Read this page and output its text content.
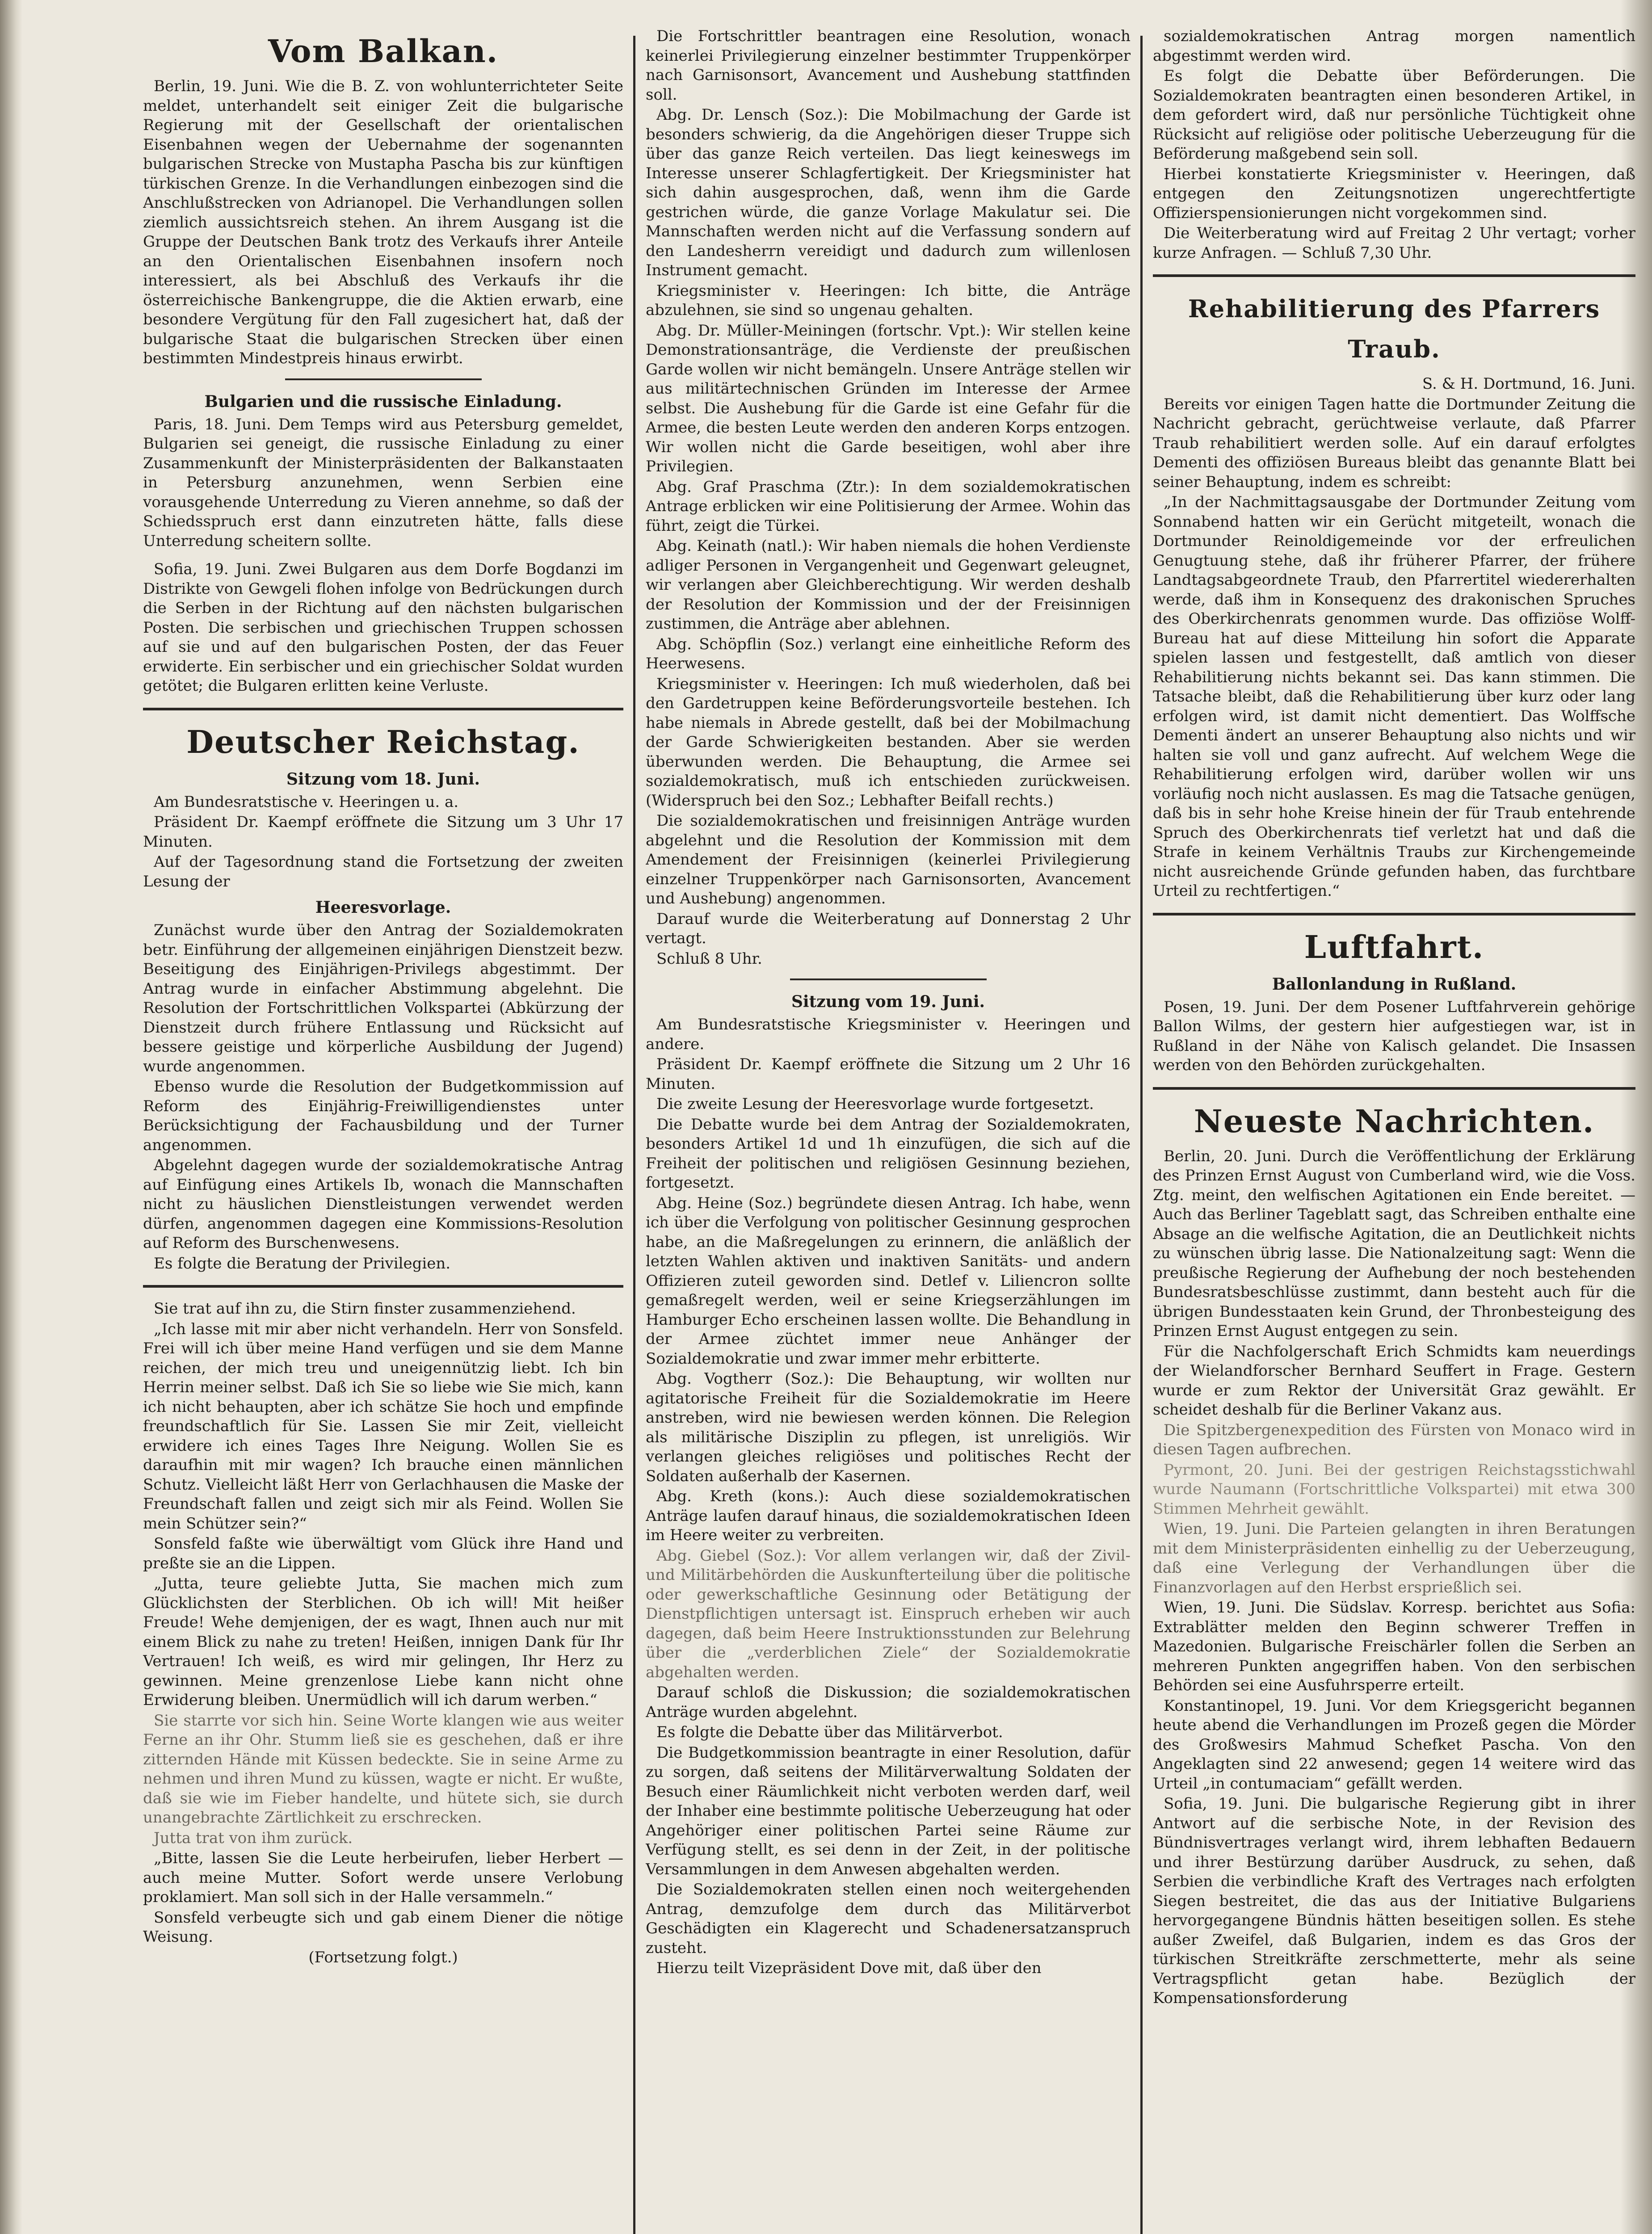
Vom Balkan.

Berlin, 19. Juni. Wie die B. Z. von wohlunterrichteter Seite meldet, unterhandelt seit einiger Zeit die bulgarische Regierung mit der Gesellschaft der orientalischen Eisenbahnen wegen der Uebernahme der sogenannten bulgarischen Strecke von Mustapha Pascha bis zur künftigen türkischen Grenze. In die Verhandlungen einbezogen sind die Anschlußstrecken von Adrianopel. Die Verhandlungen sollen ziemlich aussichtsreich stehen. An ihrem Ausgang ist die Gruppe der Deutschen Bank trotz des Verkaufs ihrer Anteile an den Orientalischen Eisenbahnen insofern noch interessiert, als bei Abschluß des Verkaufs ihr die österreichische Bankengruppe, die die Aktien erwarb, eine besondere Vergütung für den Fall zugesichert hat, daß der bulgarische Staat die bulgarischen Strecken über einen bestimmten Mindestpreis hinaus erwirbt.

Bulgarien und die russische Einladung.

Paris, 18. Juni. Dem Temps wird aus Petersburg gemeldet, Bulgarien sei geneigt, die russische Einladung zu einer Zusammenkunft der Ministerpräsidenten der Balkanstaaten in Petersburg anzunehmen, wenn Serbien eine vorausgehende Unterredung zu Vieren annehme, so daß der Schiedsspruch erst dann einzutreten hätte, falls diese Unterredung scheitern sollte.

Sofia, 19. Juni. Zwei Bulgaren aus dem Dorfe Bogdanzi im Distrikte von Gewgeli flohen infolge von Bedrückungen durch die Serben in der Richtung auf den nächsten bulgarischen Posten. Die serbischen und griechischen Truppen schossen auf sie und auf den bulgarischen Posten, der das Feuer erwiderte. Ein serbischer und ein griechischer Soldat wurden getötet; die Bulgaren erlitten keine Verluste.

Deutscher Reichstag.
Sitzung vom 18. Juni.

Am Bundesratstische v. Heeringen u. a.

Präsident Dr. Kaempf eröffnete die Sitzung um 3 Uhr 17 Minuten.

Auf der Tagesordnung stand die Fortsetzung der zweiten Lesung der

Heeresvorlage.

Zunächst wurde über den Antrag der Sozialdemokraten betr. Einführung der allgemeinen einjährigen Dienstzeit bezw. Beseitigung des Einjährigen-Privilegs abgestimmt. Der Antrag wurde in einfacher Abstimmung abgelehnt. Die Resolution der Fortschrittlichen Volkspartei (Abkürzung der Dienstzeit durch frühere Entlassung und Rücksicht auf bessere geistige und körperliche Ausbildung der Jugend) wurde angenommen.

Ebenso wurde die Resolution der Budgetkommission auf Reform des Einjährig-Freiwilligendienstes unter Berücksichtigung der Fachausbildung und der Turner angenommen.

Abgelehnt dagegen wurde der sozialdemokratische Antrag auf Einfügung eines Artikels Ib, wonach die Mannschaften nicht zu häuslichen Dienstleistungen verwendet werden dürfen, angenommen dagegen eine Kommissions-Resolution auf Reform des Burschenwesens.

Es folgte die Beratung der Privilegien.

Sie trat auf ihn zu, die Stirn finster zusammenziehend.

„Ich lasse mit mir aber nicht verhandeln. Herr von Sonsfeld. Frei will ich über meine Hand verfügen und sie dem Manne reichen, der mich treu und uneigennützig liebt. Ich bin Herrin meiner selbst. Daß ich Sie so liebe wie Sie mich, kann ich nicht behaupten, aber ich schätze Sie hoch und empfinde freundschaftlich für Sie. Lassen Sie mir Zeit, vielleicht erwidere ich eines Tages Ihre Neigung. Wollen Sie es daraufhin mit mir wagen? Ich brauche einen männlichen Schutz. Vielleicht läßt Herr von Gerlachhausen die Maske der Freundschaft fallen und zeigt sich mir als Feind. Wollen Sie mein Schützer sein?“

Sonsfeld faßte wie überwältigt vom Glück ihre Hand und preßte sie an die Lippen.

„Jutta, teure geliebte Jutta, Sie machen mich zum Glücklichsten der Sterblichen. Ob ich will! Mit heißer Freude! Wehe demjenigen, der es wagt, Ihnen auch nur mit einem Blick zu nahe zu treten! Heißen, innigen Dank für Ihr Vertrauen! Ich weiß, es wird mir gelingen, Ihr Herz zu gewinnen. Meine grenzenlose Liebe kann nicht ohne Erwiderung bleiben. Unermüdlich will ich darum werben.“

Sie starrte vor sich hin. Seine Worte klangen wie aus weiter Ferne an ihr Ohr. Stumm ließ sie es geschehen, daß er ihre zitternden Hände mit Küssen bedeckte. Sie in seine Arme zu nehmen und ihren Mund zu küssen, wagte er nicht. Er wußte, daß sie wie im Fieber handelte, und hütete sich, sie durch unangebrachte Zärtlichkeit zu erschrecken.

Jutta trat von ihm zurück.

„Bitte, lassen Sie die Leute herbeirufen, lieber Herbert — auch meine Mutter. Sofort werde unsere Verlobung proklamiert. Man soll sich in der Halle versammeln.“

Sonsfeld verbeugte sich und gab einem Diener die nötige Weisung.

(Fortsetzung folgt.)

Die Fortschrittler beantragen eine Resolution, wonach keinerlei Privilegierung einzelner bestimmter Truppenkörper nach Garnisonsort, Avancement und Aushebung stattfinden soll.

Abg. Dr. Lensch (Soz.): Die Mobilmachung der Garde ist besonders schwierig, da die Angehörigen dieser Truppe sich über das ganze Reich verteilen. Das liegt keineswegs im Interesse unserer Schlagfertigkeit. Der Kriegsminister hat sich dahin ausgesprochen, daß, wenn ihm die Garde gestrichen würde, die ganze Vorlage Makulatur sei. Die Mannschaften werden nicht auf die Verfassung sondern auf den Landesherrn vereidigt und dadurch zum willenlosen Instrument gemacht.

Kriegsminister v. Heeringen: Ich bitte, die Anträge abzulehnen, sie sind so ungenau gehalten.

Abg. Dr. Müller-Meiningen (fortschr. Vpt.): Wir stellen keine Demonstrationsanträge, die Verdienste der preußischen Garde wollen wir nicht bemängeln. Unsere Anträge stellen wir aus militärtechnischen Gründen im Interesse der Armee selbst. Die Aushebung für die Garde ist eine Gefahr für die Armee, die besten Leute werden den anderen Korps entzogen. Wir wollen nicht die Garde beseitigen, wohl aber ihre Privilegien.

Abg. Graf Praschma (Ztr.): In dem sozialdemokratischen Antrage erblicken wir eine Politisierung der Armee. Wohin das führt, zeigt die Türkei.

Abg. Keinath (natl.): Wir haben niemals die hohen Verdienste adliger Personen in Vergangenheit und Gegenwart geleugnet, wir verlangen aber Gleichberechtigung. Wir werden deshalb der Resolution der Kommission und der der Freisinnigen zustimmen, die Anträge aber ablehnen.

Abg. Schöpflin (Soz.) verlangt eine einheitliche Reform des Heerwesens.

Kriegsminister v. Heeringen: Ich muß wiederholen, daß bei den Gardetruppen keine Beförderungsvorteile bestehen. Ich habe niemals in Abrede gestellt, daß bei der Mobilmachung der Garde Schwierigkeiten bestanden. Aber sie werden überwunden werden. Die Behauptung, die Armee sei sozialdemokratisch, muß ich entschieden zurückweisen. (Widerspruch bei den Soz.; Lebhafter Beifall rechts.)

Die sozialdemokratischen und freisinnigen Anträge wurden abgelehnt und die Resolution der Kommission mit dem Amendement der Freisinnigen (keinerlei Privilegierung einzelner Truppenkörper nach Garnisonsorten, Avancement und Aushebung) angenommen.

Darauf wurde die Weiterberatung auf Donnerstag 2 Uhr vertagt.

Schluß 8 Uhr.

Sitzung vom 19. Juni.

Am Bundesratstische Kriegsminister v. Heeringen und andere.

Präsident Dr. Kaempf eröffnete die Sitzung um 2 Uhr 16 Minuten.

Die zweite Lesung der Heeresvorlage wurde fortgesetzt.

Die Debatte wurde bei dem Antrag der Sozialdemokraten, besonders Artikel 1d und 1h einzufügen, die sich auf die Freiheit der politischen und religiösen Gesinnung beziehen, fortgesetzt.

Abg. Heine (Soz.) begründete diesen Antrag. Ich habe, wenn ich über die Verfolgung von politischer Gesinnung gesprochen habe, an die Maßregelungen zu erinnern, die anläßlich der letzten Wahlen aktiven und inaktiven Sanitäts- und andern Offizieren zuteil geworden sind. Detlef v. Liliencron sollte gemaßregelt werden, weil er seine Kriegserzählungen im Hamburger Echo erscheinen lassen wollte. Die Behandlung in der Armee züchtet immer neue Anhänger der Sozialdemokratie und zwar immer mehr erbitterte.

Abg. Vogtherr (Soz.): Die Behauptung, wir wollten nur agitatorische Freiheit für die Sozialdemokratie im Heere anstreben, wird nie bewiesen werden können. Die Relegion als militärische Disziplin zu pflegen, ist unreligiös. Wir verlangen gleiches religiöses und politisches Recht der Soldaten außerhalb der Kasernen.

Abg. Kreth (kons.): Auch diese sozialdemokratischen Anträge laufen darauf hinaus, die sozialdemokratischen Ideen im Heere weiter zu verbreiten.

Abg. Giebel (Soz.): Vor allem verlangen wir, daß der Zivil- und Militärbehörden die Auskunfterteilung über die politische oder gewerkschaftliche Gesinnung oder Betätigung der Dienstpflichtigen untersagt ist. Einspruch erheben wir auch dagegen, daß beim Heere Instruktionsstunden zur Belehrung über die „verderblichen Ziele“ der Sozialdemokratie abgehalten werden.

Darauf schloß die Diskussion; die sozialdemokratischen Anträge wurden abgelehnt.

Es folgte die Debatte über das Militärverbot.

Die Budgetkommission beantragte in einer Resolution, dafür zu sorgen, daß seitens der Militärverwaltung Soldaten der Besuch einer Räumlichkeit nicht verboten werden darf, weil der Inhaber eine bestimmte politische Ueberzeugung hat oder Angehöriger einer politischen Partei seine Räume zur Verfügung stellt, es sei denn in der Zeit, in der politische Versammlungen in dem Anwesen abgehalten werden.

Die Sozialdemokraten stellen einen noch weitergehenden Antrag, demzufolge dem durch das Militärverbot Geschädigten ein Klagerecht und Schadenersatzanspruch zusteht.

Hierzu teilt Vizepräsident Dove mit, daß über den

sozialdemokratischen Antrag morgen namentlich abgestimmt werden wird.

Es folgt die Debatte über Beförderungen. Die Sozialdemokraten beantragten einen besonderen Artikel, in dem gefordert wird, daß nur persönliche Tüchtigkeit ohne Rücksicht auf religiöse oder politische Ueberzeugung für die Beförderung maßgebend sein soll.

Hierbei konstatierte Kriegsminister v. Heeringen, daß entgegen den Zeitungsnotizen ungerechtfertigte Offizierspensionierungen nicht vorgekommen sind.

Die Weiterberatung wird auf Freitag 2 Uhr vertagt; vorher kurze Anfragen. — Schluß 7,30 Uhr.

Rehabilitierung des Pfarrers Traub.

S. & H. Dortmund, 16. Juni.

Bereits vor einigen Tagen hatte die Dortmunder Zeitung die Nachricht gebracht, gerüchtweise verlaute, daß Pfarrer Traub rehabilitiert werden solle. Auf ein darauf erfolgtes Dementi des offiziösen Bureaus bleibt das genannte Blatt bei seiner Behauptung, indem es schreibt:

„In der Nachmittagsausgabe der Dortmunder Zeitung vom Sonnabend hatten wir ein Gerücht mitgeteilt, wonach die Dortmunder Reinoldigemeinde vor der erfreulichen Genugtuung stehe, daß ihr früherer Pfarrer, der frühere Landtagsabgeordnete Traub, den Pfarrertitel wiedererhalten werde, daß ihm in Konsequenz des drakonischen Spruches des Oberkirchenrats genommen wurde. Das offiziöse Wolff-Bureau hat auf diese Mitteilung hin sofort die Apparate spielen lassen und festgestellt, daß amtlich von dieser Rehabilitierung nichts bekannt sei. Das kann stimmen. Die Tatsache bleibt, daß die Rehabilitierung über kurz oder lang erfolgen wird, ist damit nicht dementiert. Das Wolffsche Dementi ändert an unserer Behauptung also nichts und wir halten sie voll und ganz aufrecht. Auf welchem Wege die Rehabilitierung erfolgen wird, darüber wollen wir uns vorläufig noch nicht auslassen. Es mag die Tatsache genügen, daß bis in sehr hohe Kreise hinein der für Traub entehrende Spruch des Oberkirchenrats tief verletzt hat und daß die Strafe in keinem Verhältnis Traubs zur Kirchengemeinde nicht ausreichende Gründe gefunden haben, das furchtbare Urteil zu rechtfertigen.“

Luftfahrt.
Ballonlandung in Rußland.

Posen, 19. Juni. Der dem Posener Luftfahrverein gehörige Ballon Wilms, der gestern hier aufgestiegen war, ist in Rußland in der Nähe von Kalisch gelandet. Die Insassen werden von den Behörden zurückgehalten.

Neueste Nachrichten.

Berlin, 20. Juni. Durch die Veröffentlichung der Erklärung des Prinzen Ernst August von Cumberland wird, wie die Voss. Ztg. meint, den welfischen Agitationen ein Ende bereitet. — Auch das Berliner Tageblatt sagt, das Schreiben enthalte eine Absage an die welfische Agitation, die an Deutlichkeit nichts zu wünschen übrig lasse. Die Nationalzeitung sagt: Wenn die preußische Regierung der Aufhebung der noch bestehenden Bundesratsbeschlüsse zustimmt, dann besteht auch für die übrigen Bundesstaaten kein Grund, der Thronbesteigung des Prinzen Ernst August entgegen zu sein.

Für die Nachfolgerschaft Erich Schmidts kam neuerdings der Wielandforscher Bernhard Seuffert in Frage. Gestern wurde er zum Rektor der Universität Graz gewählt. Er scheidet deshalb für die Berliner Vakanz aus.

Die Spitzbergenexpedition des Fürsten von Monaco wird in diesen Tagen aufbrechen.

Pyrmont, 20. Juni. Bei der gestrigen Reichstagsstichwahl wurde Naumann (Fortschrittliche Volkspartei) mit etwa 300 Stimmen Mehrheit gewählt.

Wien, 19. Juni. Die Parteien gelangten in ihren Beratungen mit dem Ministerpräsidenten einhellig zu der Ueberzeugung, daß eine Verlegung der Verhandlungen über die Finanzvorlagen auf den Herbst ersprießlich sei.

Wien, 19. Juni. Die Südslav. Korresp. berichtet aus Sofia: Extrablätter melden den Beginn schwerer Treffen in Mazedonien. Bulgarische Freischärler follen die Serben an mehreren Punkten angegriffen haben. Von den serbischen Behörden sei eine Ausfuhrsperre erteilt.

Konstantinopel, 19. Juni. Vor dem Kriegsgericht begannen heute abend die Verhandlungen im Prozeß gegen die Mörder des Großwesirs Mahmud Schefket Pascha. Von den Angeklagten sind 22 anwesend; gegen 14 weitere wird das Urteil „in contumaciam“ gefällt werden.

Sofia, 19. Juni. Die bulgarische Regierung gibt in ihrer Antwort auf die serbische Note, in der Revision des Bündnisvertrages verlangt wird, ihrem lebhaften Bedauern und ihrer Bestürzung darüber Ausdruck, zu sehen, daß Serbien die verbindliche Kraft des Vertrages nach erfolgten Siegen bestreitet, die das aus der Initiative Bulgariens hervorgegangene Bündnis hätten beseitigen sollen. Es stehe außer Zweifel, daß Bulgarien, indem es das Gros der türkischen Streitkräfte zerschmetterte, mehr als seine Vertragspflicht getan habe. Bezüglich der Kompensationsforderung
